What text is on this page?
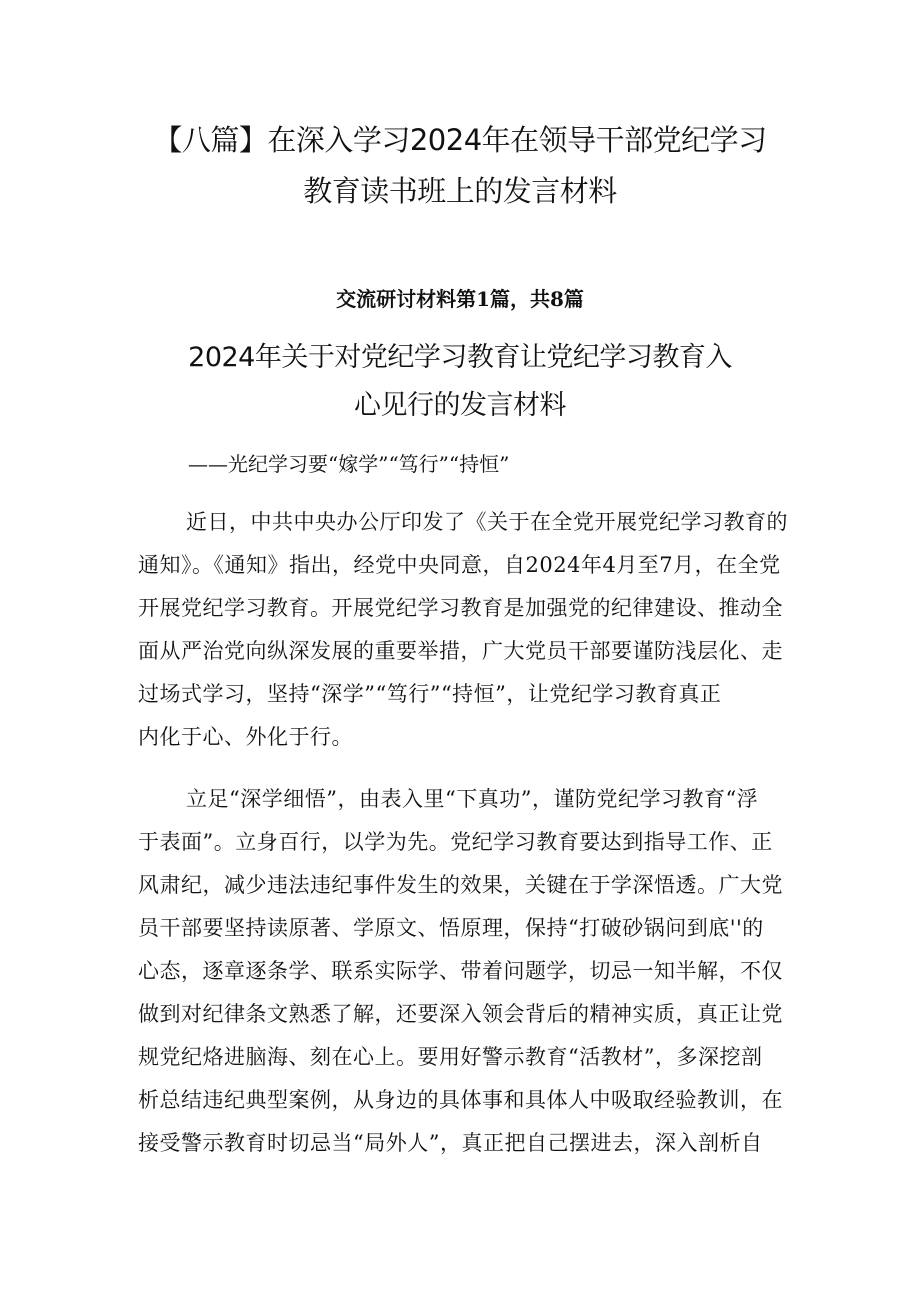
【八篇】在深入学习2024年在领导干部党纪学习
教育读书班上的发言材料
交流研讨材料第1篇，共8篇
2024年关于对党纪学习教育让党纪学习教育入
心见行的发言材料
——光纪学习要“嫁学”“笃行”“持恒”
近日，中共中央办公厅印发了《关于在全党开展党纪学习教育的
通知》。《通知》指出，经党中央同意，自2024年4月至7月，在全党
开展党纪学习教育。开展党纪学习教育是加强党的纪律建设、推动全
面从严治党向纵深发展的重要举措，广大党员干部要谨防浅层化、走
过场式学习，坚持“深学”“笃行”“持恒”，让党纪学习教育真正
内化于心、外化于行。
立足“深学细悟”，由表入里“下真功”，谨防党纪学习教育“浮
于表面”。立身百行，以学为先。党纪学习教育要达到指导工作、正
风肃纪，减少违法违纪事件发生的效果，关键在于学深悟透。广大党
员干部要坚持读原著、学原文、悟原理，保持“打破砂锅问到底''的
心态，逐章逐条学、联系实际学、带着问题学，切忌一知半解，不仅
做到对纪律条文熟悉了解，还要深入领会背后的精神实质，真正让党
规党纪烙进脑海、刻在心上。要用好警示教育“活教材”，多深挖剖
析总结违纪典型案例，从身边的具体事和具体人中吸取经验教训，在
接受警示教育时切忌当“局外人”，真正把自己摆进去，深入剖析自
